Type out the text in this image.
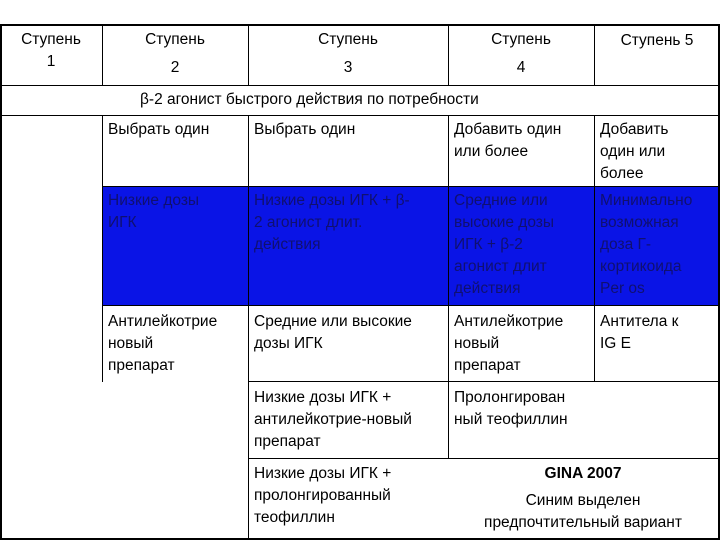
Ступень
1
Ступень
2
Ступень
3
Ступень
4
Ступень 5
β-2 агонист быстрого действия по потребности
Выбрать один	Выбрать один	Добавить один
или более
Добавить
один или
более
Низкие дозы
ИГК
Низкие дозы ИГК + β-
2 агонист длит.
действия
Средние или
высокие дозы
ИГК + β-2
агонист длит
действия
Минимально
возможная
доза Г-
кортикоида
Per os
Антилейкотрие
новый
препарат
Средние или высокие
дозы ИГК
Антилейкотрие
новый
препарат
Антитела к
IG E
Низкие дозы ИГК +
антилейкотрие-новый
препарат
Пролонгирован
ный теофиллин
Низкие дозы ИГК +
пролонгированный
теофиллин
GINA 2007
Синим выделен
предпочтительный вариант
